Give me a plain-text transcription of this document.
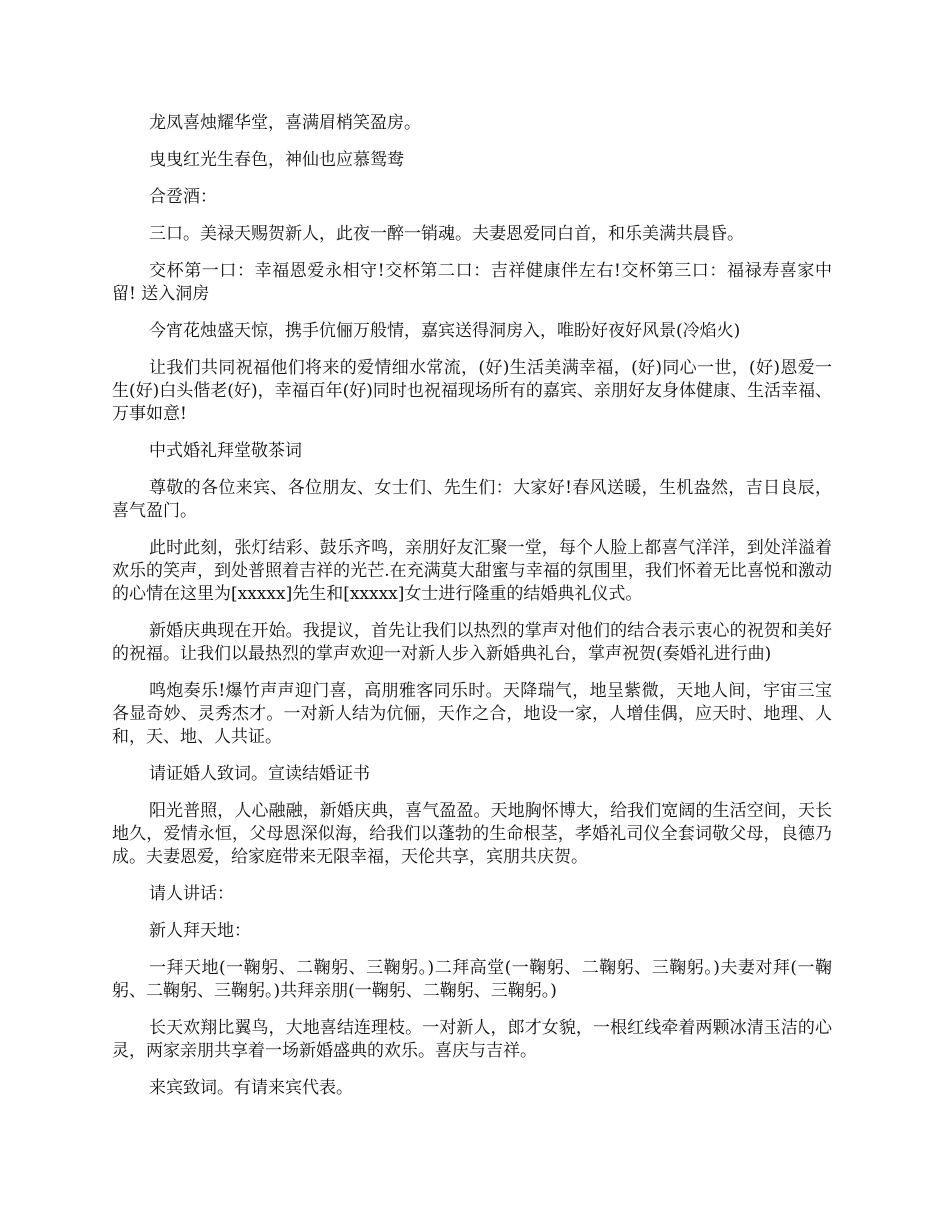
龙凤喜烛耀华堂，喜满眉梢笑盈房。

曳曳红光生春色，神仙也应慕鸳鸯

合卺酒：

三口。美禄天赐贺新人，此夜一醉一销魂。夫妻恩爱同白首，和乐美满共晨昏。

交杯第一口：幸福恩爱永相守!交杯第二口：吉祥健康伴左右!交杯第三口：福禄寿喜家中留! 送入洞房

今宵花烛盛天惊，携手伉俪万般情，嘉宾送得洞房入，唯盼好夜好风景(冷焰火)

让我们共同祝福他们将来的爱情细水常流，(好)生活美满幸福，(好)同心一世，(好)恩爱一生(好)白头偕老(好)，幸福百年(好)同时也祝福现场所有的嘉宾、亲朋好友身体健康、生活幸福、万事如意!

中式婚礼拜堂敬茶词

尊敬的各位来宾、各位朋友、女士们、先生们：大家好!春风送暖，生机盎然，吉日良辰，喜气盈门。

此时此刻，张灯结彩、鼓乐齐鸣，亲朋好友汇聚一堂，每个人脸上都喜气洋洋，到处洋溢着欢乐的笑声，到处普照着吉祥的光芒.在充满莫大甜蜜与幸福的氛围里，我们怀着无比喜悦和激动的心情在这里为[xxxxx]先生和[xxxxx]女士进行隆重的结婚典礼仪式。

新婚庆典现在开始。我提议，首先让我们以热烈的掌声对他们的结合表示衷心的祝贺和美好的祝福。让我们以最热烈的掌声欢迎一对新人步入新婚典礼台，掌声祝贺(奏婚礼进行曲)

鸣炮奏乐!爆竹声声迎门喜，高朋雅客同乐时。天降瑞气，地呈紫微，天地人间，宇宙三宝各显奇妙、灵秀杰才。一对新人结为伉俪，天作之合，地设一家，人增佳偶，应天时、地理、人和，天、地、人共证。

请证婚人致词。宣读结婚证书

阳光普照，人心融融，新婚庆典，喜气盈盈。天地胸怀博大，给我们宽阔的生活空间，天长地久，爱情永恒，父母恩深似海，给我们以蓬勃的生命根茎，孝婚礼司仪全套词敬父母，良德乃成。夫妻恩爱，给家庭带来无限幸福，天伦共享，宾朋共庆贺。

请人讲话：

新人拜天地：

一拜天地(一鞠躬、二鞠躬、三鞠躬。)二拜高堂(一鞠躬、二鞠躬、三鞠躬。)夫妻对拜(一鞠躬、二鞠躬、三鞠躬。)共拜亲朋(一鞠躬、二鞠躬、三鞠躬。)

长天欢翔比翼鸟，大地喜结连理枝。一对新人，郎才女貌，一根红线牵着两颗冰清玉洁的心灵，两家亲朋共享着一场新婚盛典的欢乐。喜庆与吉祥。

来宾致词。有请来宾代表。
